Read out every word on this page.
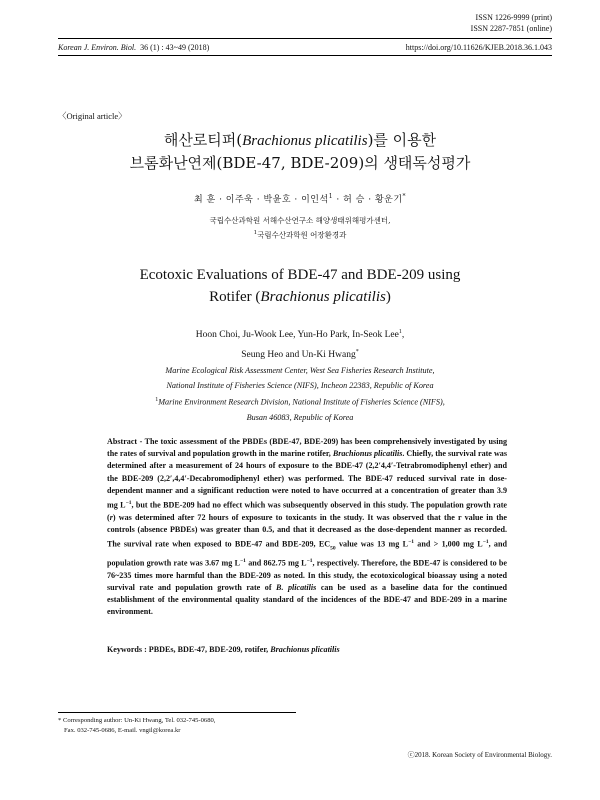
ISSN 1226-9999 (print)
ISSN 2287-7851 (online)
Korean J. Environ. Biol. 36 (1) : 43~49 (2018)	https://doi.org/10.11626/KJEB.2018.36.1.043
〈Original article〉
해산로티퍼(Brachionus plicatilis)를 이용한
브롬화난연제(BDE-47, BDE-209)의 생태독성평가
최 훈 · 이주욱 · 박윤호 · 이인석$^1$ · 허 승 · 황운기*
국립수산과학원 서해수산연구소 해양생태위해평가센터,
$^1$국립수산과학원 어장환경과
Ecotoxic Evaluations of BDE-47 and BDE-209 using
Rotifer (Brachionus plicatilis)
Hoon Choi, Ju-Wook Lee, Yun-Ho Park, In-Seok Lee$^1$,
Seung Heo and Un-Ki Hwang*
Marine Ecological Risk Assessment Center, West Sea Fisheries Research Institute,
National Institute of Fisheries Science (NIFS), Incheon 22383, Republic of Korea
$^1$Marine Environment Research Division, National Institute of Fisheries Science (NIFS),
Busan 46083, Republic of Korea
Abstract - The toxic assessment of the PBDEs (BDE-47, BDE-209) has been comprehensively investigated by using the rates of survival and population growth in the marine rotifer, Brachionus plicatilis. Chiefly, the survival rate was determined after a measurement of 24 hours of exposure to the BDE-47 (2,2′4,4′-Tetrabromodiphenyl ether) and the BDE-209 (2,2′,4,4′-Decabromodiphenyl ether) was performed. The BDE-47 reduced survival rate in dose-dependent manner and a significant reduction were noted to have occurred at a concentration of greater than 3.9 mg $L^{-1}$, but the BDE-209 had no effect which was subsequently observed in this study. The population growth rate (r) was determined after 72 hours of exposure to toxicants in the study. It was observed that the r value in the controls (absence PBDEs) was greater than 0.5, and that it decreased as the dose-dependent manner as recorded. The survival rate when exposed to BDE-47 and BDE-209, $EC_{50}$ value was 13 mg $L^{-1}$ and > 1,000 mg $L^{-1}$, and population growth rate was 3.67 mg $L^{-1}$ and 862.75 mg $L^{-1}$, respectively. Therefore, the BDE-47 is considered to be 76~235 times more harmful than the BDE-209 as noted. In this study, the ecotoxicological bioassay using a noted survival rate and population growth rate of B. plicatilis can be used as a baseline data for the continued establishment of the environmental quality standard of the incidences of the BDE-47 and BDE-209 in a marine environment.
Keywords : PBDEs, BDE-47, BDE-209, rotifer, Brachionus plicatilis
* Corresponding author: Un-Ki Hwang, Tel. 032-745-0680,
Fax. 032-745-0686, E-mail. vngil@korea.kr
ⓒ2018. Korean Society of Environmental Biology.
